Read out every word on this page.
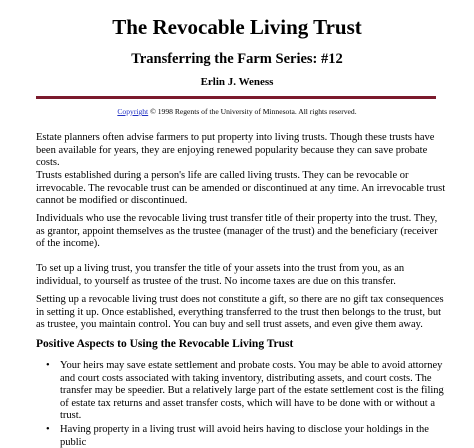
The Revocable Living Trust
Transferring the Farm Series: #12
Erlin J. Weness
Copyright © 1998 Regents of the University of Minnesota. All rights reserved.

Estate planners often advise farmers to put property into living trusts. Though these trusts have been available for years, they are enjoying renewed popularity because they can save probate costs.

Trusts established during a person's life are called living trusts. They can be revocable or irrevocable. The revocable trust can be amended or discontinued at any time. An irrevocable trust cannot be modified or discontinued.

Individuals who use the revocable living trust transfer title of their property into the trust. They, as grantor, appoint themselves as the trustee (manager of the trust) and the beneficiary (receiver of the income).

To set up a living trust, you transfer the title of your assets into the trust from you, as an individual, to yourself as trustee of the trust. No income taxes are due on this transfer.

Setting up a revocable living trust does not constitute a gift, so there are no gift tax consequences in setting it up. Once established, everything transferred to the trust then belongs to the trust, but as trustee, you maintain control. You can buy and sell trust assets, and even give them away.

Positive Aspects to Using the Revocable Living Trust
• Your heirs may save estate settlement and probate costs. You may be able to avoid attorney and court costs associated with taking inventory, distributing assets, and court costs. The transfer may be speedier. But a relatively large part of the estate settlement cost is the filing of estate tax returns and asset transfer costs, which will have to be done with or without a trust.
• Having property in a living trust will avoid heirs having to disclose your holdings in the public
